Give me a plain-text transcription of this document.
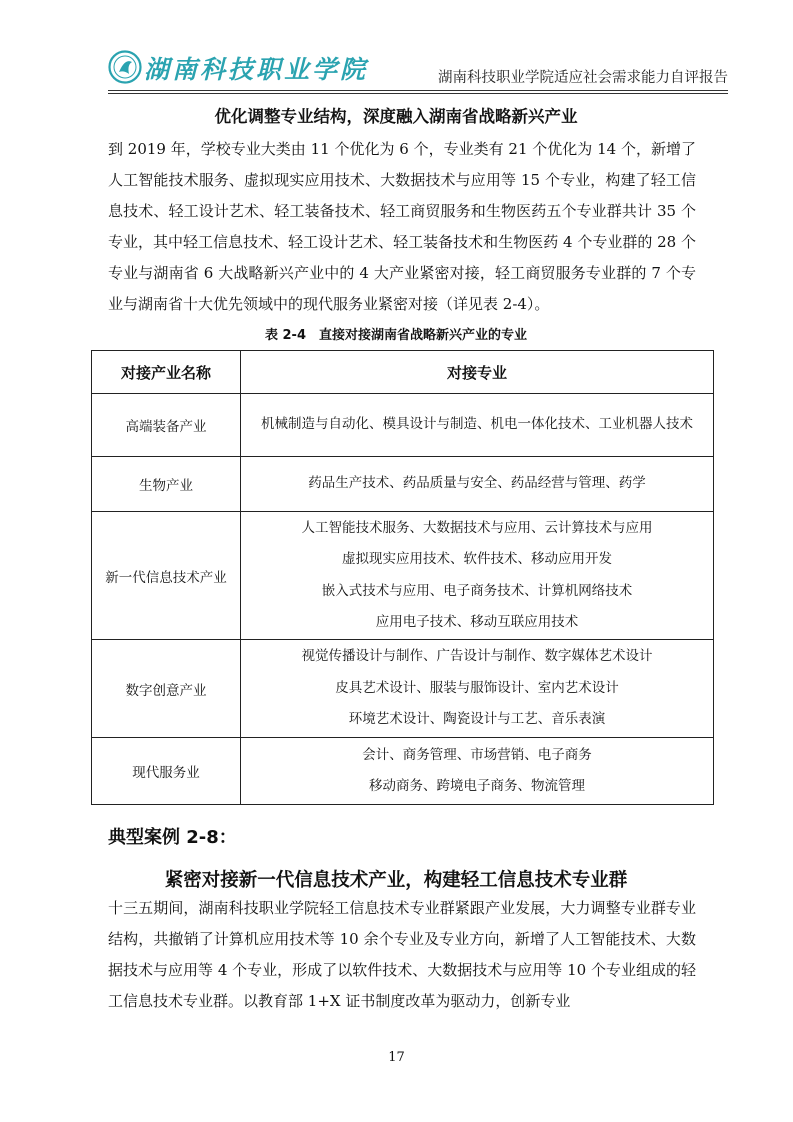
湖南科技职业学院	湖南科技职业学院适应社会需求能力自评报告
优化调整专业结构，深度融入湖南省战略新兴产业
到 2019 年，学校专业大类由 11 个优化为 6 个，专业类有 21 个优化为 14 个，新增了人工智能技术服务、虚拟现实应用技术、大数据技术与应用等 15 个专业，构建了轻工信息技术、轻工设计艺术、轻工装备技术、轻工商贸服务和生物医药五个专业群共计 35 个专业，其中轻工信息技术、轻工设计艺术、轻工装备技术和生物医药 4 个专业群的 28 个专业与湖南省 6 大战略新兴产业中的 4 大产业紧密对接，轻工商贸服务专业群的 7 个专业与湖南省十大优先领域中的现代服务业紧密对接（详见表 2-4）。
表 2-4　直接对接湖南省战略新兴产业的专业
对接产业名称	对接专业
高端装备产业	机械制造与自动化、模具设计与制造、机电一体化技术、工业机器人技术

生物产业	药品生产技术、药品质量与安全、药品经营与管理、药学

新一代信息技术产业	人工智能技术服务、大数据技术与应用、云计算技术与应用
虚拟现实应用技术、软件技术、移动应用开发
嵌入式技术与应用、电子商务技术、计算机网络技术
应用电子技术、移动互联应用技术

数字创意产业	视觉传播设计与制作、广告设计与制作、数字媒体艺术设计
皮具艺术设计、服装与服饰设计、室内艺术设计
环境艺术设计、陶瓷设计与工艺、音乐表演

现代服务业	会计、商务管理、市场营销、电子商务
移动商务、跨境电子商务、物流管理
典型案例 2-8：
紧密对接新一代信息技术产业，构建轻工信息技术专业群
十三五期间，湖南科技职业学院轻工信息技术专业群紧跟产业发展，大力调整专业群专业结构，共撤销了计算机应用技术等 10 余个专业及专业方向，新增了人工智能技术、大数据技术与应用等 4 个专业，形成了以软件技术、大数据技术与应用等 10 个专业组成的轻工信息技术专业群。以教育部 1+X 证书制度改革为驱动力，创新专业
17
